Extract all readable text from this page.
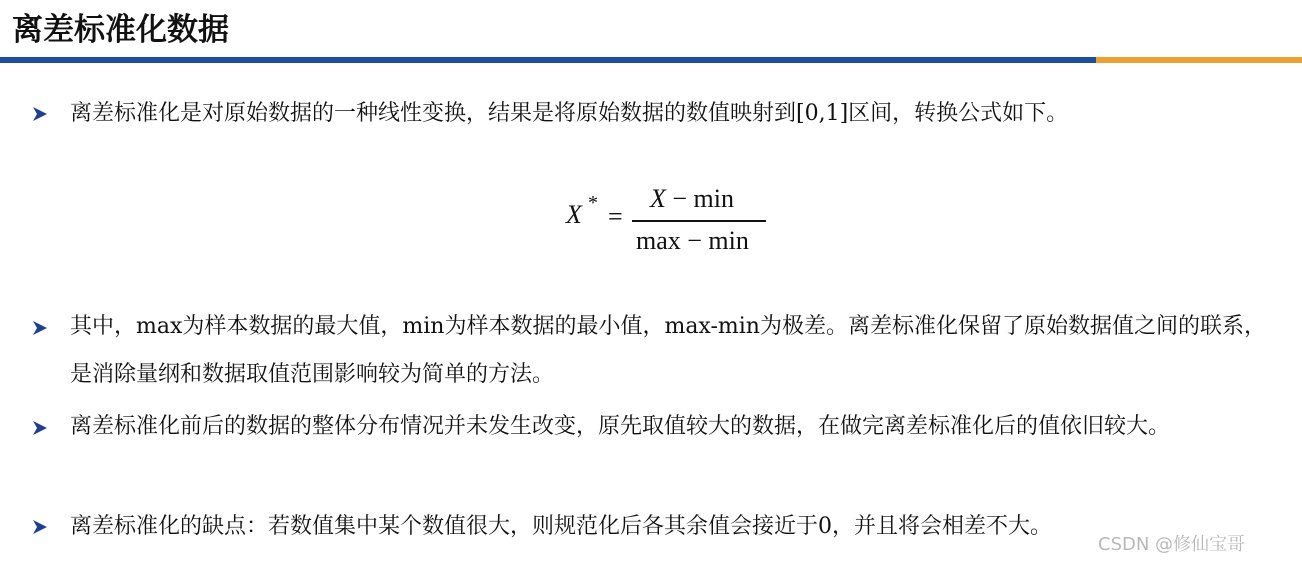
离差标准化数据
离差标准化是对原始数据的一种线性变换，结果是将原始数据的数值映射到[0,1]区间，转换公式如下。
X * =
X − min
max − min
其中，max为样本数据的最大值，min为样本数据的最小值，max-min为极差。离差标准化保留了原始数据值之间的联系，是消除量纲和数据取值范围影响较为简单的方法。
离差标准化前后的数据的整体分布情况并未发生改变，原先取值较大的数据，在做完离差标准化后的值依旧较大。
离差标准化的缺点：若数值集中某个数值很大，则规范化后各其余值会接近于0，并且将会相差不大。
CSDN @修仙宝哥
